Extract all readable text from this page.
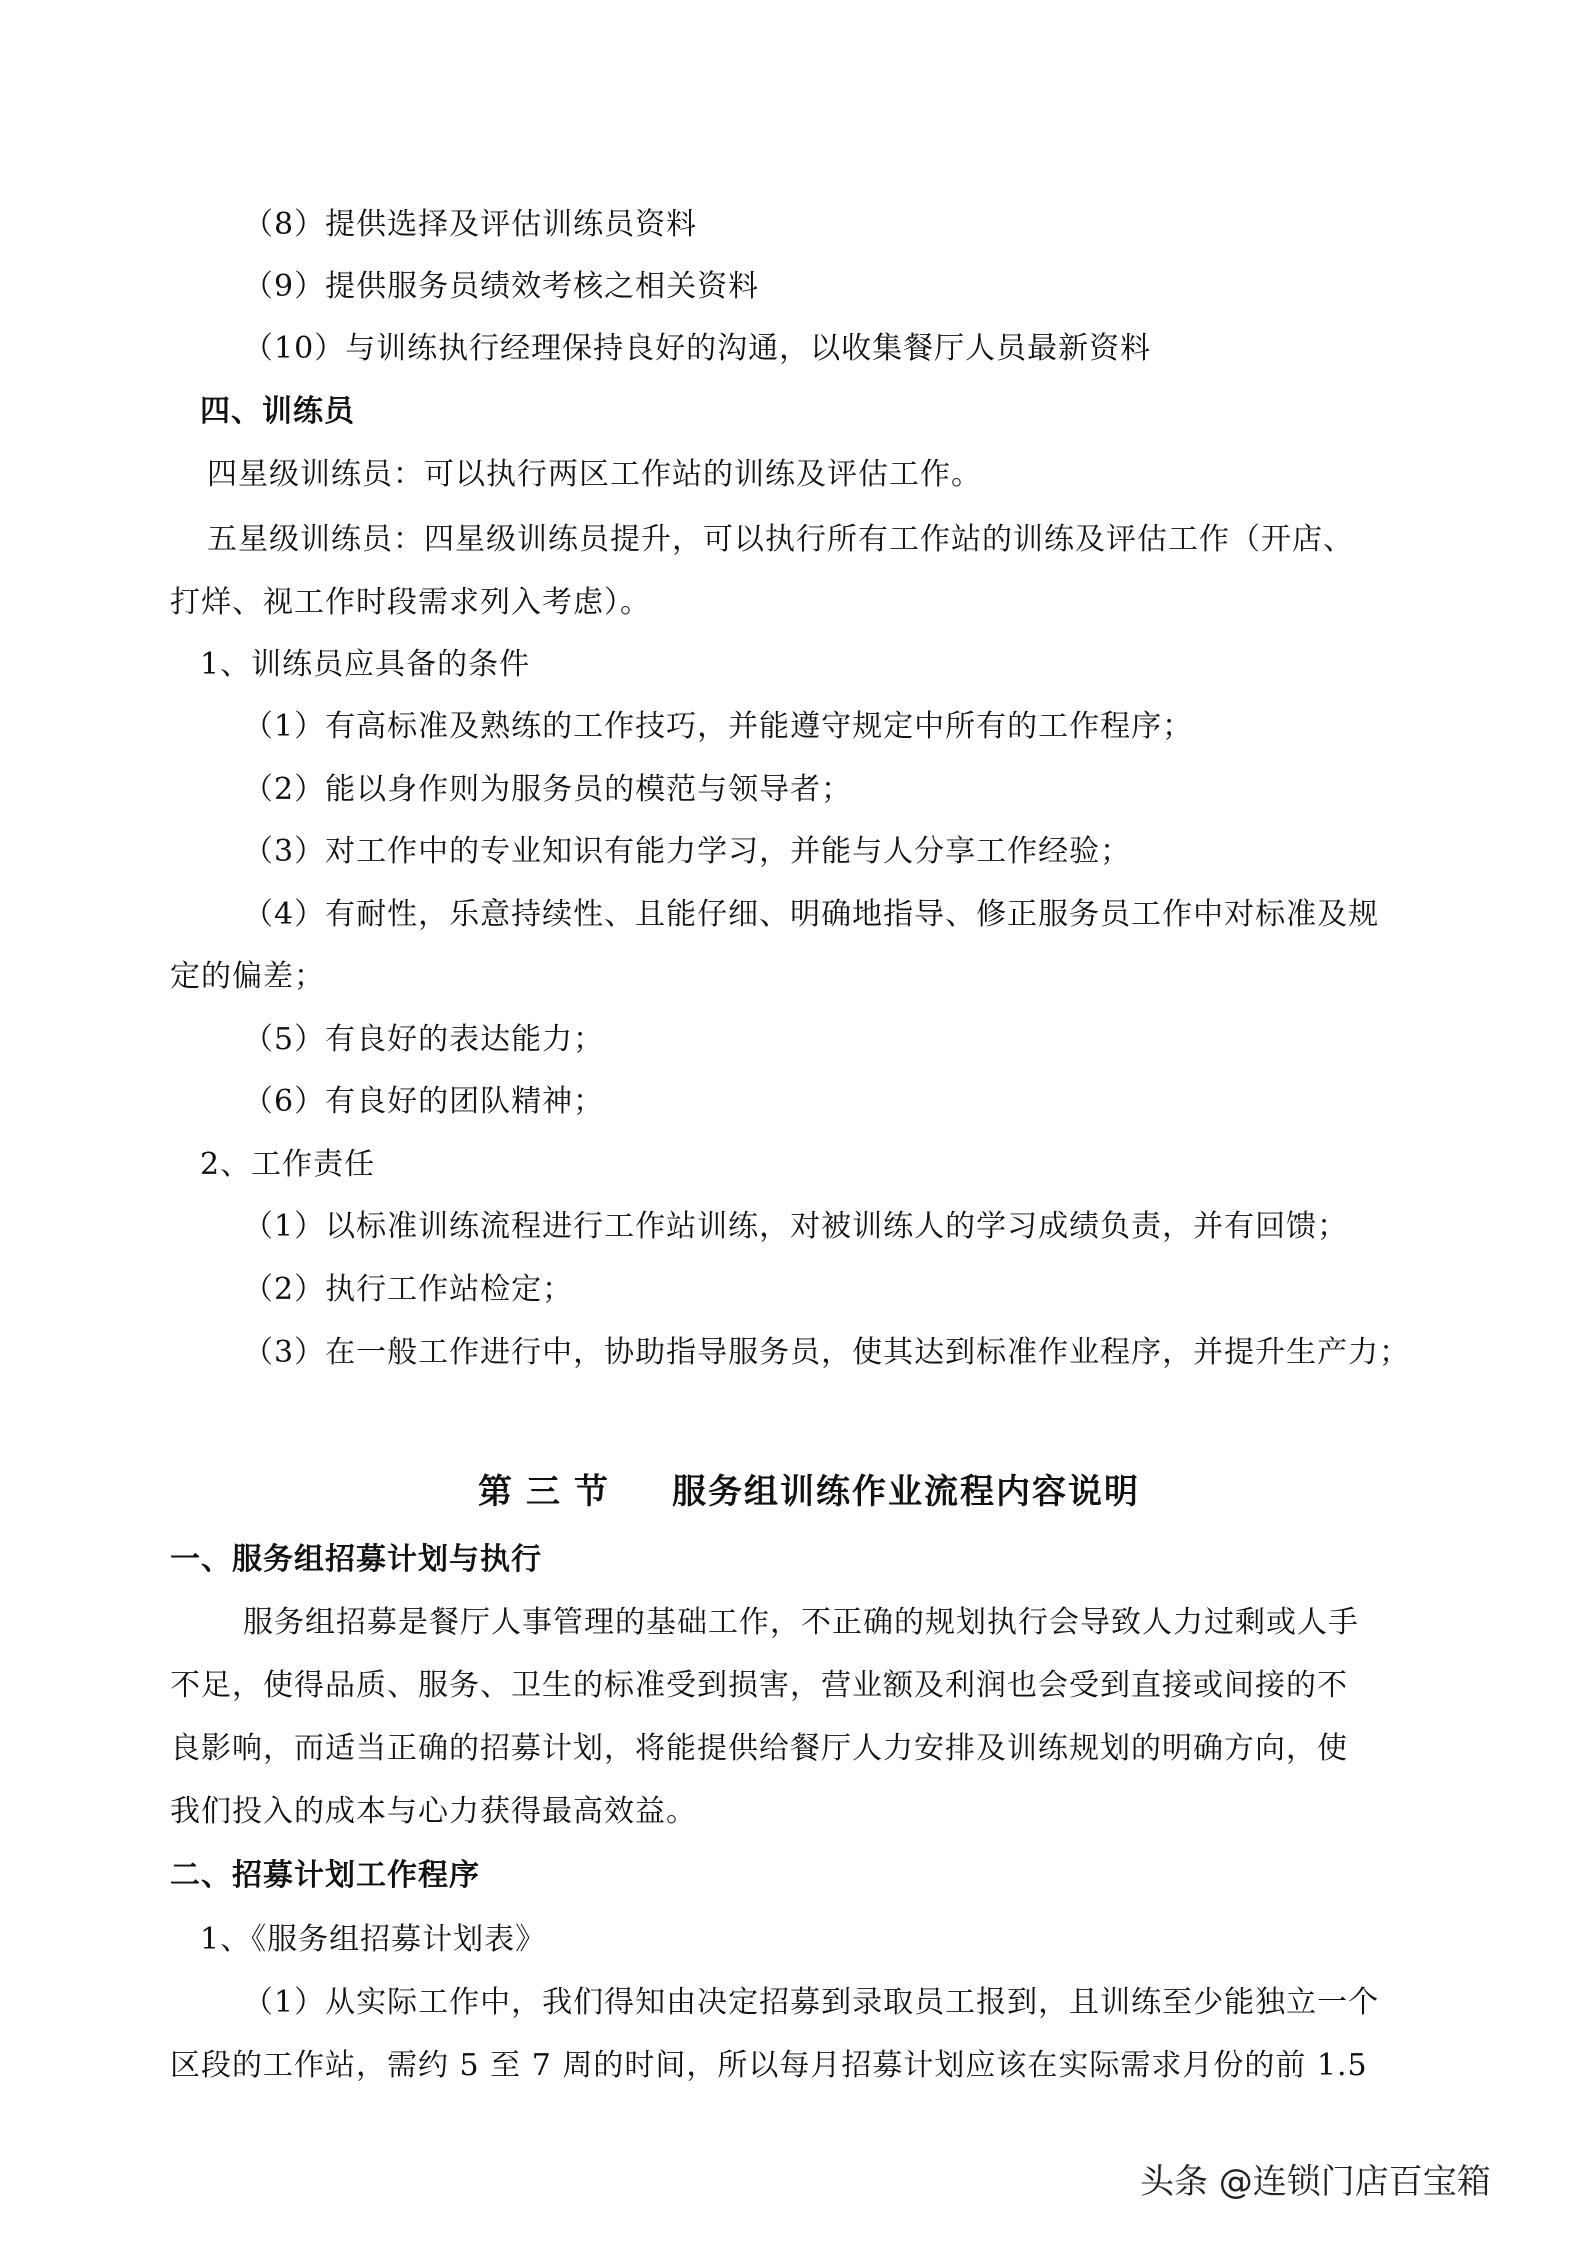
（8）提供选择及评估训练员资料
（9）提供服务员绩效考核之相关资料
（10）与训练执行经理保持良好的沟通，以收集餐厅人员最新资料
四、训练员
四星级训练员：可以执行两区工作站的训练及评估工作。
五星级训练员：四星级训练员提升，可以执行所有工作站的训练及评估工作（开店、
打烊、视工作时段需求列入考虑）。
1、训练员应具备的条件
（1）有高标准及熟练的工作技巧，并能遵守规定中所有的工作程序；
（2）能以身作则为服务员的模范与领导者；
（3）对工作中的专业知识有能力学习，并能与人分享工作经验；
（4）有耐性，乐意持续性、且能仔细、明确地指导、修正服务员工作中对标准及规
定的偏差；
（5）有良好的表达能力；
（6）有良好的团队精神；
2、工作责任
（1）以标准训练流程进行工作站训练，对被训练人的学习成绩负责，并有回馈；
（2）执行工作站检定；
（3）在一般工作进行中，协助指导服务员，使其达到标准作业程序，并提升生产力；
第三节 服务组训练作业流程内容说明
一、服务组招募计划与执行
服务组招募是餐厅人事管理的基础工作，不正确的规划执行会导致人力过剩或人手
不足，使得品质、服务、卫生的标准受到损害，营业额及利润也会受到直接或间接的不
良影响，而适当正确的招募计划，将能提供给餐厅人力安排及训练规划的明确方向，使
我们投入的成本与心力获得最高效益。
二、招募计划工作程序
1、《服务组招募计划表》
（1）从实际工作中，我们得知由决定招募到录取员工报到，且训练至少能独立一个
区段的工作站，需约 5 至 7 周的时间，所以每月招募计划应该在实际需求月份的前 1.5
头条 @连锁门店百宝箱
